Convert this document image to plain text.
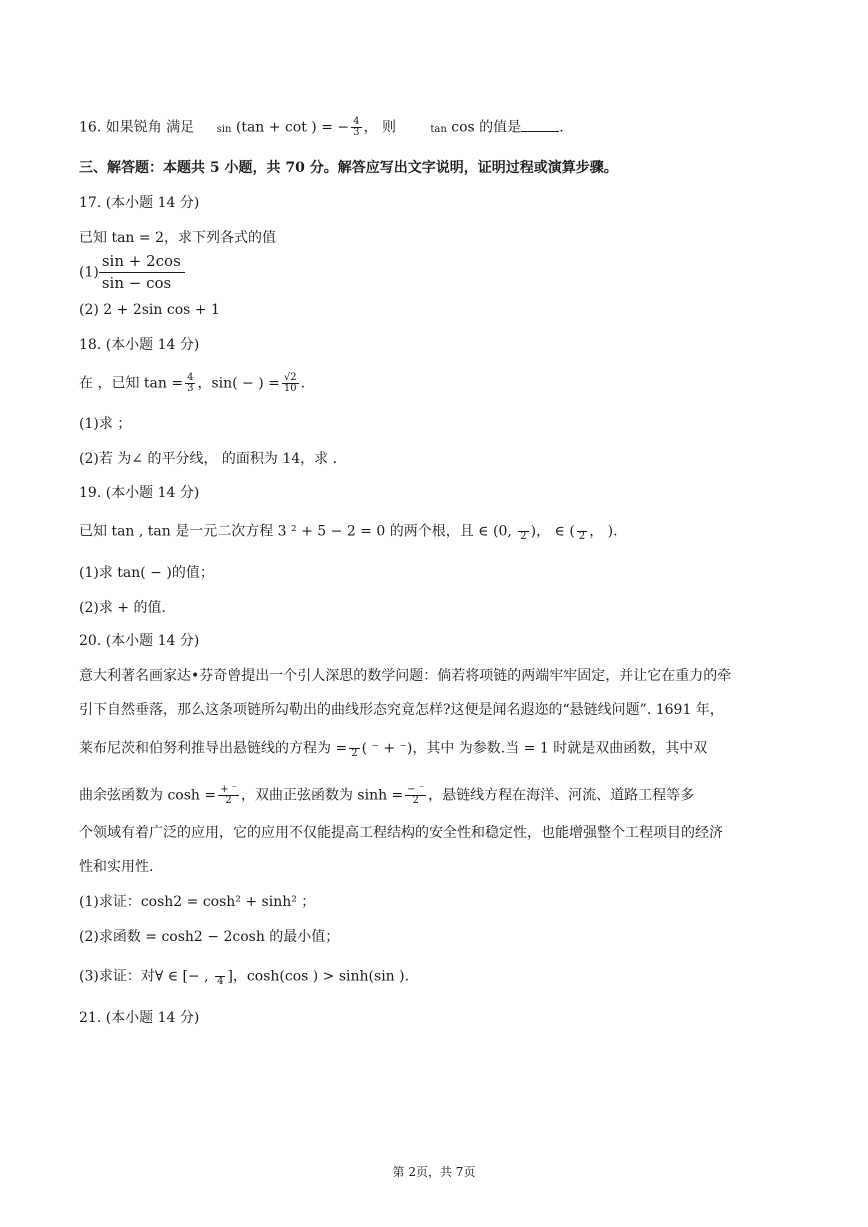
16. 如果锐角 满足 sin (tan + cot ) = − $\frac{4}{3}$ ， 则	tan cos 的值是	.
三、解答题：本题共 5 小题，共 70 分。解答应写出文字说明，证明过程或演算步骤。
17. (本小题 14 分)
已知 tan = 2，求下列各式的值
$(1) \frac{\sin + 2\cos}{\sin - \cos}$
(2) 2 + 2sin cos + 1
18. (本小题 14 分)
在 ，已知 $\tan = \frac{4}{3}$ ，sin( − ) = $\frac{√2}{10}$ .
(1)求 ；
(2)若 为∠ 的平分线， 的面积为 14，求 .
19. (本小题 14 分)
已知 tan , tan 是一元二次方程 3 ² + 5 − 2 = 0 的两个根，且 ∈ (0,
2 )， ∈ (
2 ， ).
(1)求 tan( − )的值；
(2)求 + 的值.
20. (本小题 14 分)
意大利著名画家达•芬奇曾提出一个引人深思的数学问题：倘若将项链的两端牢牢固定，并让它在重力的牵
引下自然垂落，那么这条项链所勾勒出的曲线形态究竟怎样?这便是闻名遐迩的“悬链线问题”. 1691 年，
莱布尼茨和伯努利推导出悬链线的方程为 =
2 ( ⁻ + ⁻)，其中 为参数.当 = 1 时就是双曲函数，其中双
曲余弦函数为 $\cosh = \frac{+ ^-}{2}$ ，双曲正弦函数为 $\sinh = \frac{- ^-}{2}$ ，悬链线方程在海洋、河流、道路工程等多
个领域有着广泛的应用，它的应用不仅能提高工程结构的安全性和稳定性，也能增强整个工程项目的经济
性和实用性.
(1)求证：cosh2 = cosh² + sinh² ；
(2)求函数 = cosh2 − 2cosh 的最小值；
(3)求证：对∀ ∈ [− ,
4 ]，cosh(cos ) > sinh(sin ).
21. (本小题 14 分)
第 2页，共 7页
